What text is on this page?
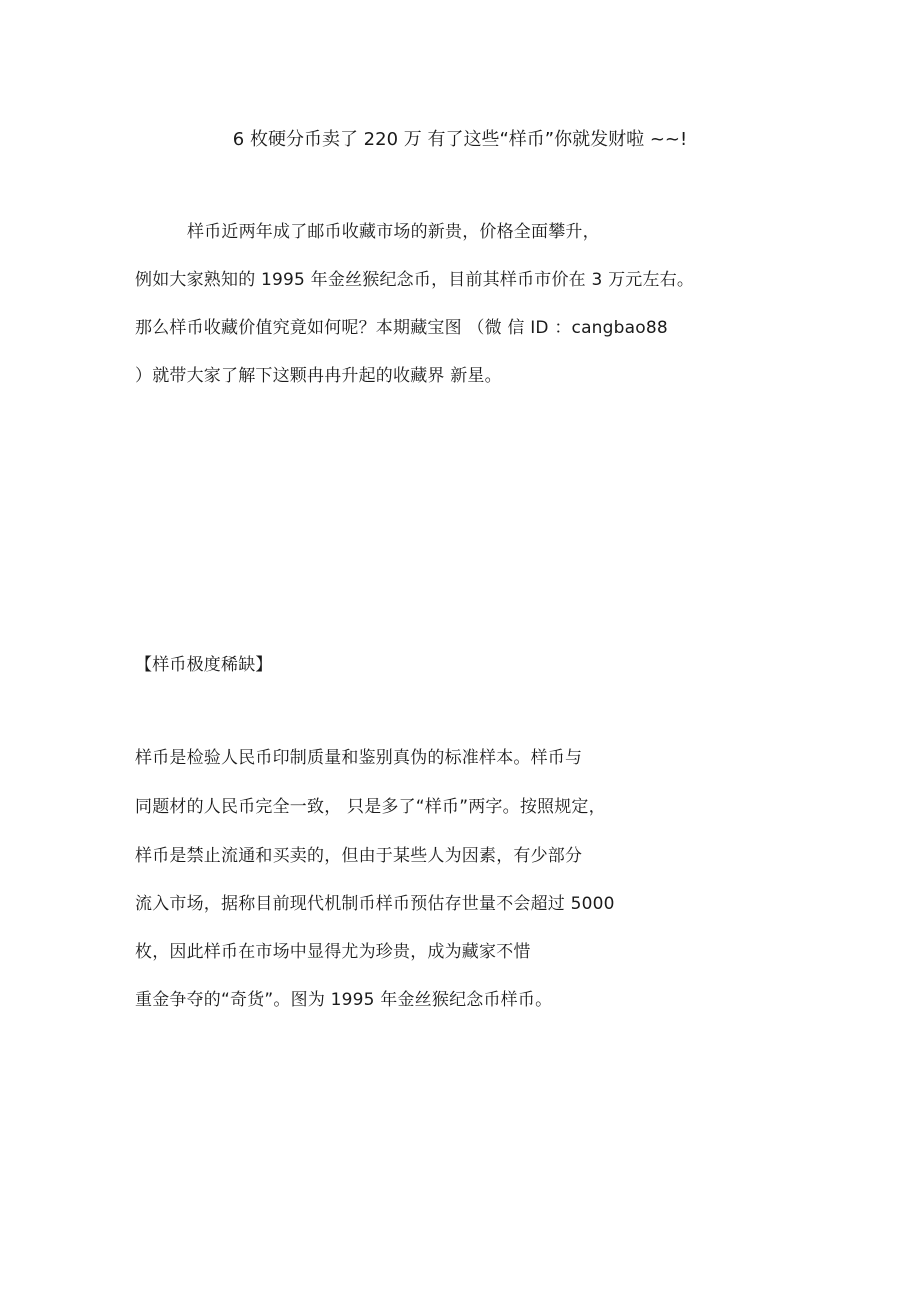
6 枚硬分币卖了 220 万 有了这些“样币”你就发财啦 ~~!
样币近两年成了邮币收藏市场的新贵，价格全面攀升，
例如大家熟知的 1995 年金丝猴纪念币，目前其样币市价在 3 万元左右。
那么样币收藏价值究竟如何呢？本期藏宝图 （微 信 ID ：cangbao88
）就带大家了解下这颗冉冉升起的收藏界 新星。
【样币极度稀缺】
样币是检验人民币印制质量和鉴别真伪的标准样本。样币与
同题材的人民币完全一致， 只是多了“样币”两字。按照规定，
样币是禁止流通和买卖的，但由于某些人为因素，有少部分
流入市场，据称目前现代机制币样币预估存世量不会超过 5000
枚，因此样币在市场中显得尤为珍贵，成为藏家不惜
重金争夺的“奇货”。图为 1995 年金丝猴纪念币样币。
